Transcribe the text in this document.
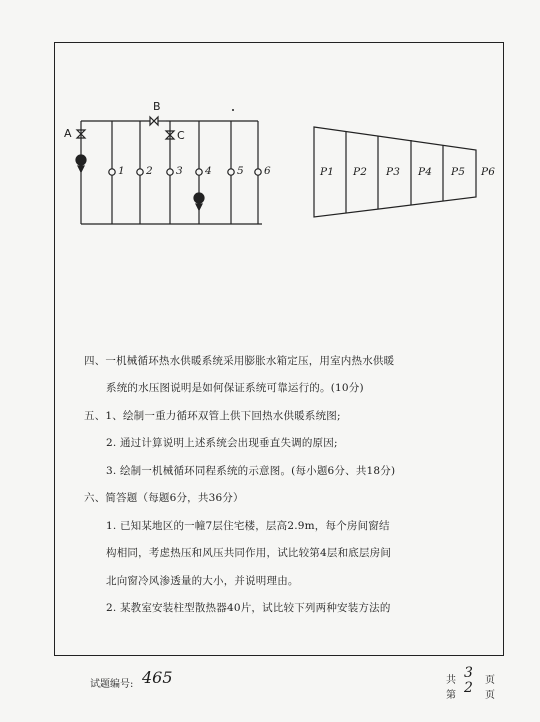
A
B
C
1 2 3 4 5 6	P1 P2 P3 P4 P5 P6
四、一机械循环热水供暖系统采用膨胀水箱定压，用室内热水供暖
系统的水压图说明是如何保证系统可靠运行的。(10分)
五、1、绘制一重力循环双管上供下回热水供暖系统图;
2. 通过计算说明上述系统会出现垂直失调的原因;
3. 绘制一机械循环同程系统的示意图。(每小题6分、共18分)
六、简答题（每题6分，共36分）
1. 已知某地区的一幢7层住宅楼，层高2.9m，每个房间窗结
构相同，考虑热压和风压共同作用，试比较第4层和底层房间
北向窗冷风渗透量的大小，并说明理由。
2. 某教室安装柱型散热器40片，试比较下列两种安装方法的
试题编号: 465	共 3 页
第 2 页
